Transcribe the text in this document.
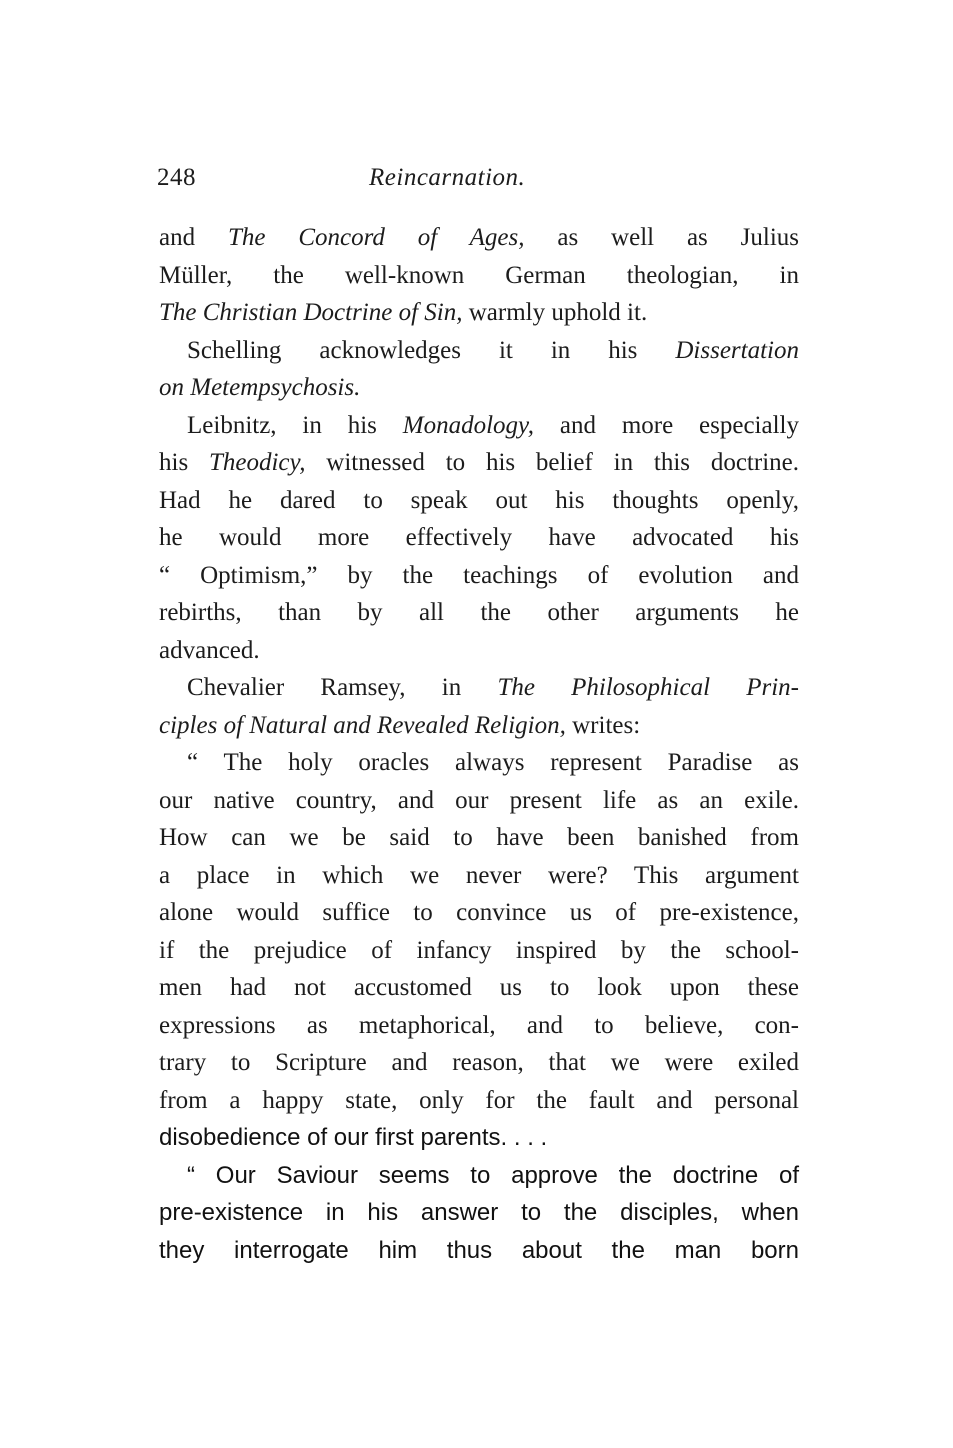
248	Reincarnation.
and The Concord of Ages, as well as Julius
Müller, the well-known German theologian, in
The Christian Doctrine of Sin, warmly uphold it.
Schelling acknowledges it in his Dissertation
on Metempsychosis.
Leibnitz, in his Monadology, and more especially
his Theodicy, witnessed to his belief in this doctrine.
Had he dared to speak out his thoughts openly,
he would more effectively have advocated his
“ Optimism,” by the teachings of evolution and
rebirths, than by all the other arguments he
advanced.
Chevalier Ramsey, in The Philosophical Prin-
ciples of Natural and Revealed Religion, writes:
“ The holy oracles always represent Paradise as
our native country, and our present life as an exile.
How can we be said to have been banished from
a place in which we never were? This argument
alone would suffice to convince us of pre-existence,
if the prejudice of infancy inspired by the school-
men had not accustomed us to look upon these
expressions as metaphorical, and to believe, con-
trary to Scripture and reason, that we were exiled
from a happy state, only for the fault and personal
disobedience of our first parents. . . .
“ Our Saviour seems to approve the doctrine of
pre-existence in his answer to the disciples, when
they interrogate him thus about the man born
